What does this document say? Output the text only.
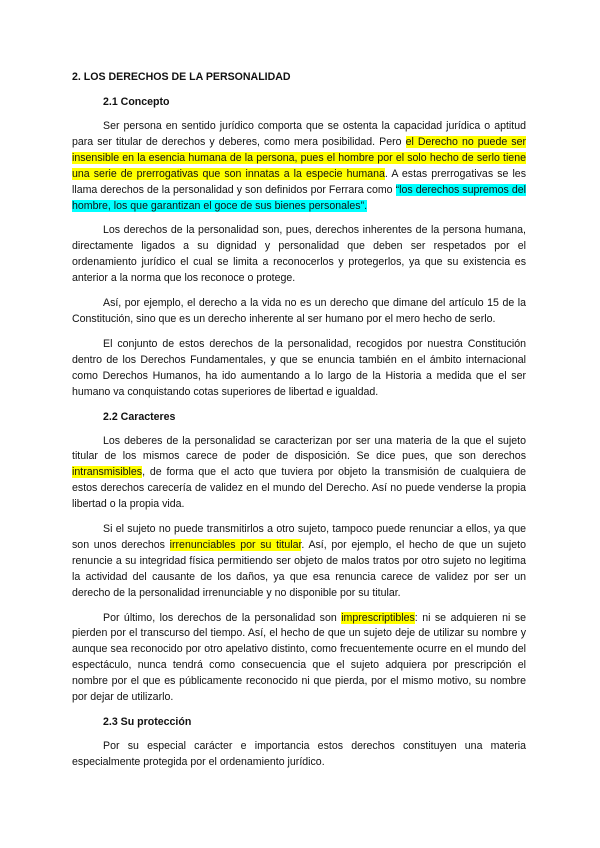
2. LOS DERECHOS DE LA PERSONALIDAD
2.1 Concepto

Ser persona en sentido jurídico comporta que se ostenta la capacidad jurídica o aptitud para ser titular de derechos y deberes, como mera posibilidad. Pero el Derecho no puede ser insensible en la esencia humana de la persona, pues el hombre por el solo hecho de serlo tiene una serie de prerrogativas que son innatas a la especie humana. A estas prerrogativas se les llama derechos de la personalidad y son definidos por Ferrara como “los derechos supremos del hombre, los que garantizan el goce de sus bienes personales”.

Los derechos de la personalidad son, pues, derechos inherentes de la persona humana, directamente ligados a su dignidad y personalidad que deben ser respetados por el ordenamiento jurídico el cual se limita a reconocerlos y protegerlos, ya que su existencia es anterior a la norma que los reconoce o protege.

Así, por ejemplo, el derecho a la vida no es un derecho que dimane del artículo 15 de la Constitución, sino que es un derecho inherente al ser humano por el mero hecho de serlo.

El conjunto de estos derechos de la personalidad, recogidos por nuestra Constitución dentro de los Derechos Fundamentales, y que se enuncia también en el ámbito internacional como Derechos Humanos, ha ido aumentando a lo largo de la Historia a medida que el ser humano va conquistando cotas superiores de libertad e igualdad.

2.2 Caracteres

Los deberes de la personalidad se caracterizan por ser una materia de la que el sujeto titular de los mismos carece de poder de disposición. Se dice pues, que son derechos intransmisibles, de forma que el acto que tuviera por objeto la transmisión de cualquiera de estos derechos carecería de validez en el mundo del Derecho. Así no puede venderse la propia libertad o la propia vida.

Si el sujeto no puede transmitirlos a otro sujeto, tampoco puede renunciar a ellos, ya que son unos derechos irrenunciables por su titular. Así, por ejemplo, el hecho de que un sujeto renuncie a su integridad física permitiendo ser objeto de malos tratos por otro sujeto no legitima la actividad del causante de los daños, ya que esa renuncia carece de validez por ser un derecho de la personalidad irrenunciable y no disponible por su titular.

Por último, los derechos de la personalidad son imprescriptibles: ni se adquieren ni se pierden por el transcurso del tiempo. Así, el hecho de que un sujeto deje de utilizar su nombre y aunque sea reconocido por otro apelativo distinto, como frecuentemente ocurre en el mundo del espectáculo, nunca tendrá como consecuencia que el sujeto adquiera por prescripción el nombre por el que es públicamente reconocido ni que pierda, por el mismo motivo, su nombre por dejar de utilizarlo.

2.3 Su protección

Por su especial carácter e importancia estos derechos constituyen una materia especialmente protegida por el ordenamiento jurídico.
